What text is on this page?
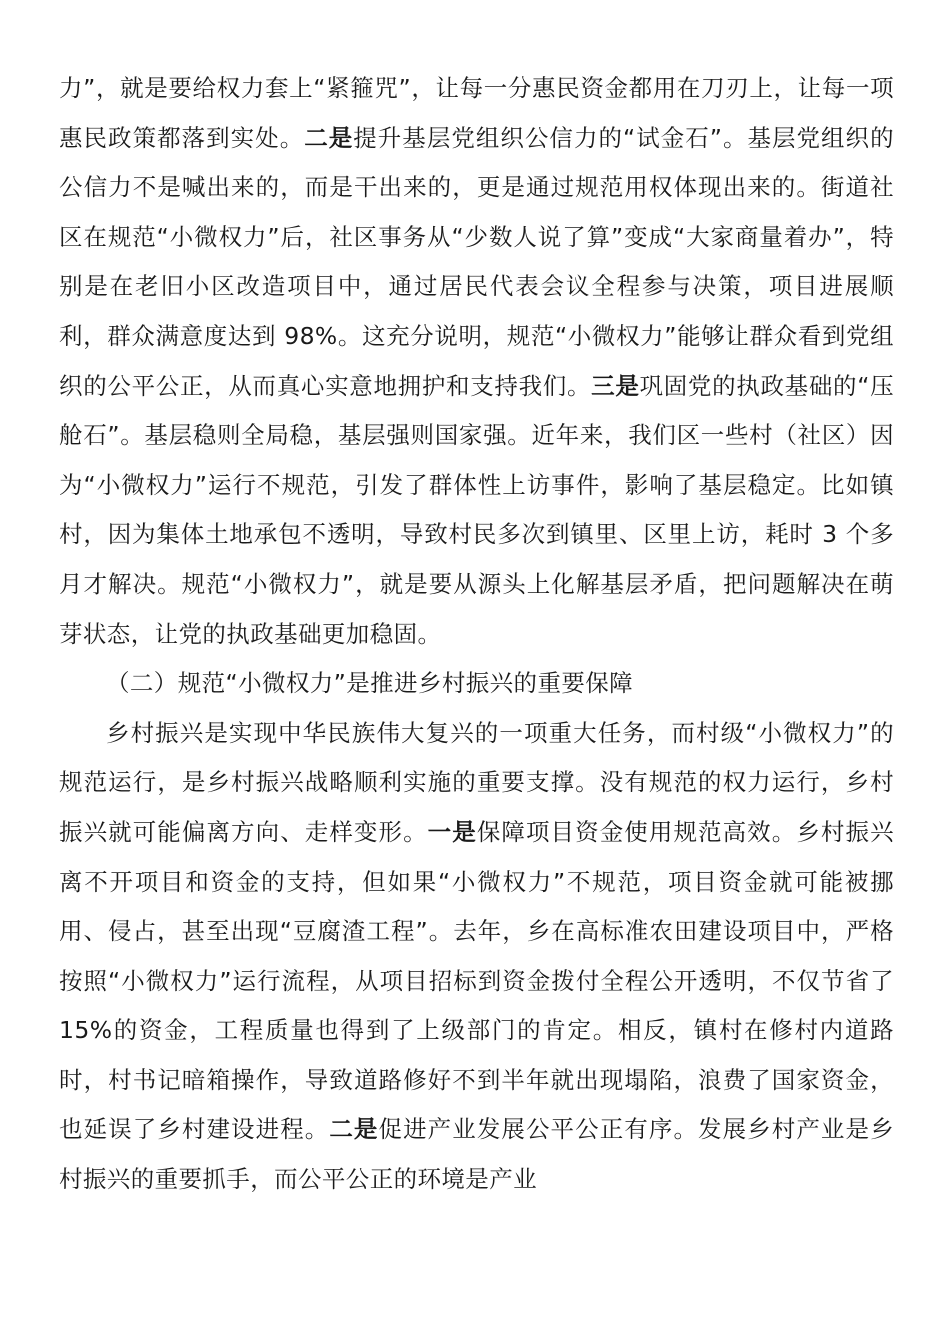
力”，就是要给权力套上“紧箍咒”，让每一分惠民资金都用在刀刃上，让每一项惠民政策都落到实处。二是提升基层党组织公信力的“试金石”。基层党组织的公信力不是喊出来的，而是干出来的，更是通过规范用权体现出来的。街道社区在规范“小微权力”后，社区事务从“少数人说了算”变成“大家商量着办”，特别是在老旧小区改造项目中，通过居民代表会议全程参与决策，项目进展顺利，群众满意度达到 98%。这充分说明，规范“小微权力”能够让群众看到党组织的公平公正，从而真心实意地拥护和支持我们。三是巩固党的执政基础的“压舱石”。基层稳则全局稳，基层强则国家强。近年来，我们区一些村（社区）因为“小微权力”运行不规范，引发了群体性上访事件，影响了基层稳定。比如镇村，因为集体土地承包不透明，导致村民多次到镇里、区里上访，耗时 3 个多月才解决。规范“小微权力”，就是要从源头上化解基层矛盾，把问题解决在萌芽状态，让党的执政基础更加稳固。

（二）规范“小微权力”是推进乡村振兴的重要保障

乡村振兴是实现中华民族伟大复兴的一项重大任务，而村级“小微权力”的规范运行，是乡村振兴战略顺利实施的重要支撑。没有规范的权力运行，乡村振兴就可能偏离方向、走样变形。一是保障项目资金使用规范高效。乡村振兴离不开项目和资金的支持，但如果“小微权力”不规范，项目资金就可能被挪用、侵占，甚至出现“豆腐渣工程”。去年，乡在高标准农田建设项目中，严格按照“小微权力”运行流程，从项目招标到资金拨付全程公开透明，不仅节省了 15%的资金，工程质量也得到了上级部门的肯定。相反，镇村在修村内道路时，村书记暗箱操作，导致道路修好不到半年就出现塌陷，浪费了国家资金，也延误了乡村建设进程。二是促进产业发展公平公正有序。发展乡村产业是乡村振兴的重要抓手，而公平公正的环境是产业
